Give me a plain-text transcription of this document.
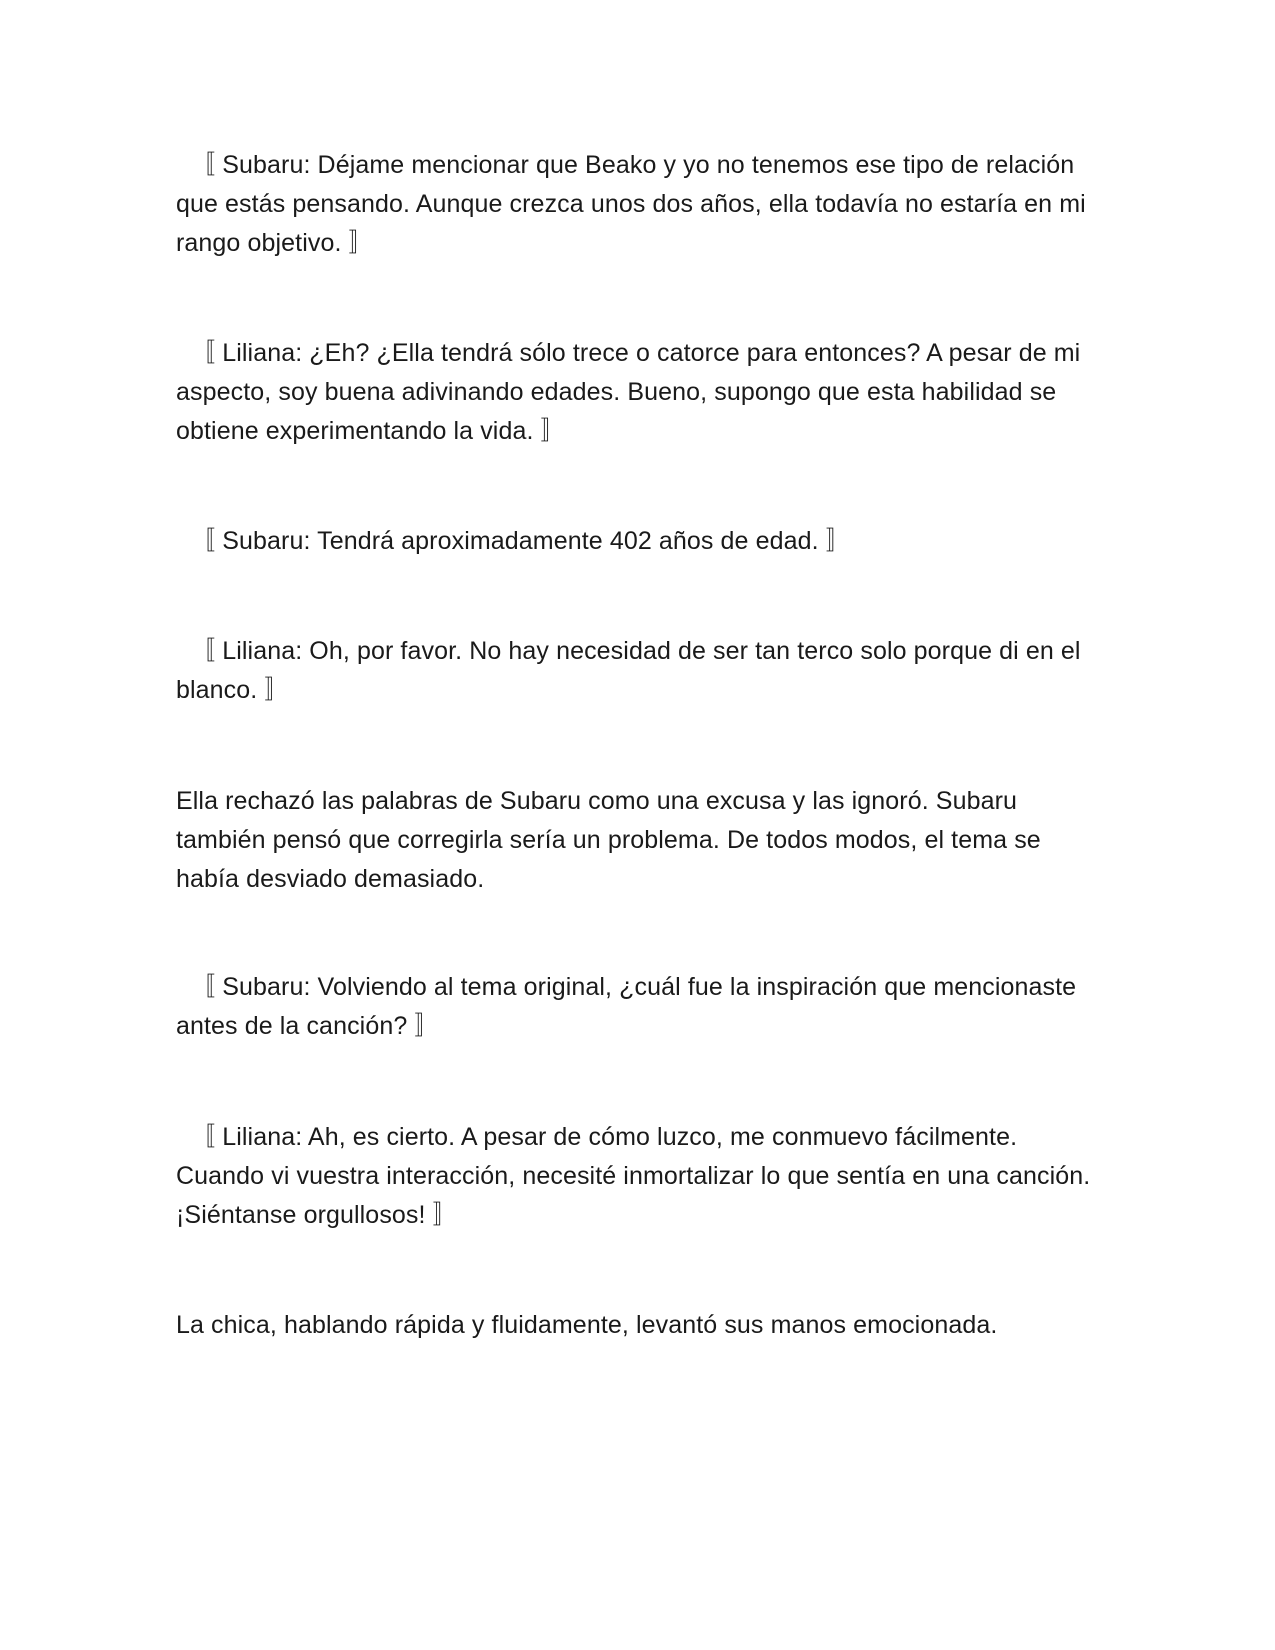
〚 Subaru: Déjame mencionar que Beako y yo no tenemos ese tipo de relación que estás pensando. Aunque crezca unos dos años, ella todavía no estaría en mi rango objetivo. 〛

〚 Liliana: ¿Eh? ¿Ella tendrá sólo trece o catorce para entonces? A pesar de mi aspecto, soy buena adivinando edades. Bueno, supongo que esta habilidad se obtiene experimentando la vida. 〛

〚 Subaru: Tendrá aproximadamente 402 años de edad. 〛

〚 Liliana: Oh, por favor. No hay necesidad de ser tan terco solo porque di en el blanco. 〛

Ella rechazó las palabras de Subaru como una excusa y las ignoró. Subaru también pensó que corregirla sería un problema. De todos modos, el tema se había desviado demasiado.

〚 Subaru: Volviendo al tema original, ¿cuál fue la inspiración que mencionaste antes de la canción? 〛

〚 Liliana: Ah, es cierto. A pesar de cómo luzco, me conmuevo fácilmente. Cuando vi vuestra interacción, necesité inmortalizar lo que sentía en una canción. ¡Siéntanse orgullosos! 〛

La chica, hablando rápida y fluidamente, levantó sus manos emocionada.
